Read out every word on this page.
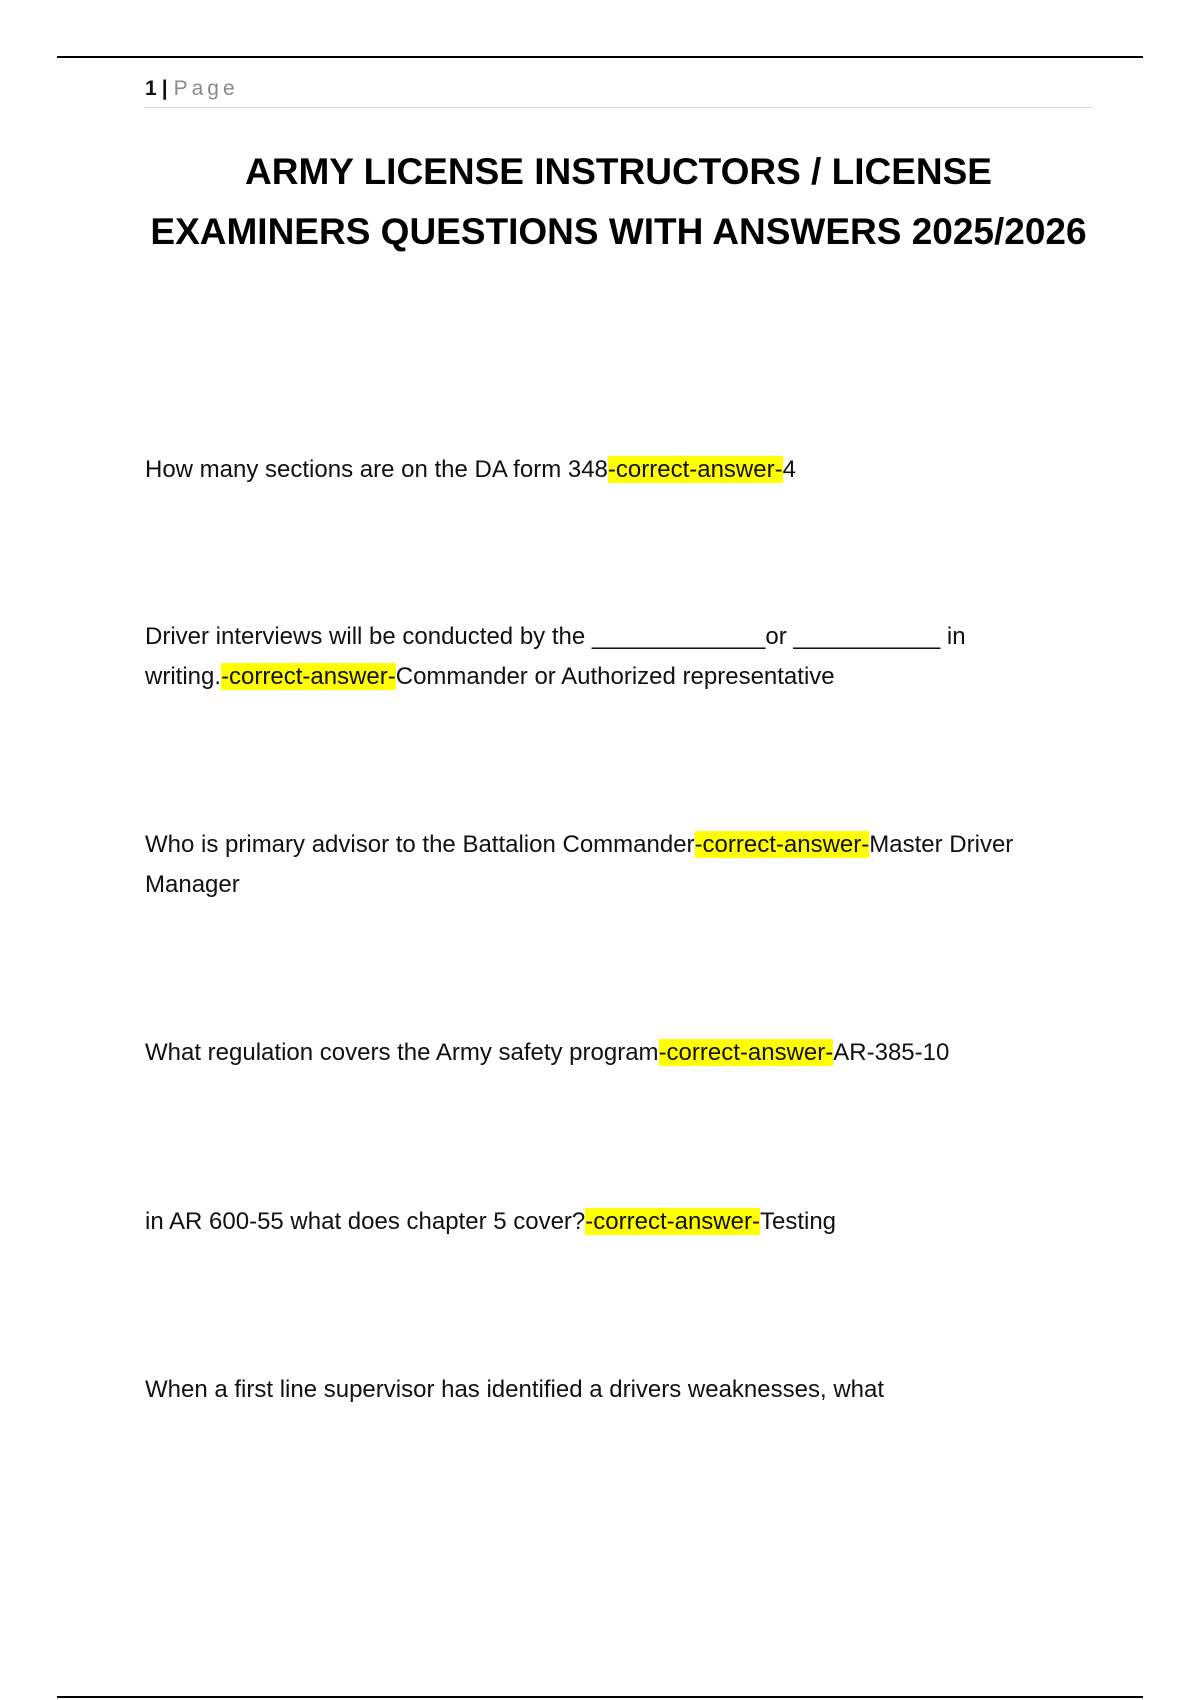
1 | Page
ARMY LICENSE INSTRUCTORS / LICENSE EXAMINERS QUESTIONS WITH ANSWERS 2025/2026

How many sections are on the DA form 348-correct-answer-4

Driver interviews will be conducted by the _____________or ___________ in writing.-correct-answer-Commander or Authorized representative

Who is primary advisor to the Battalion Commander-correct-answer-Master Driver Manager

What regulation covers the Army safety program-correct-answer-AR-385-10

in AR 600-55 what does chapter 5 cover?-correct-answer-Testing

When a first line supervisor has identified a drivers weaknesses, what
